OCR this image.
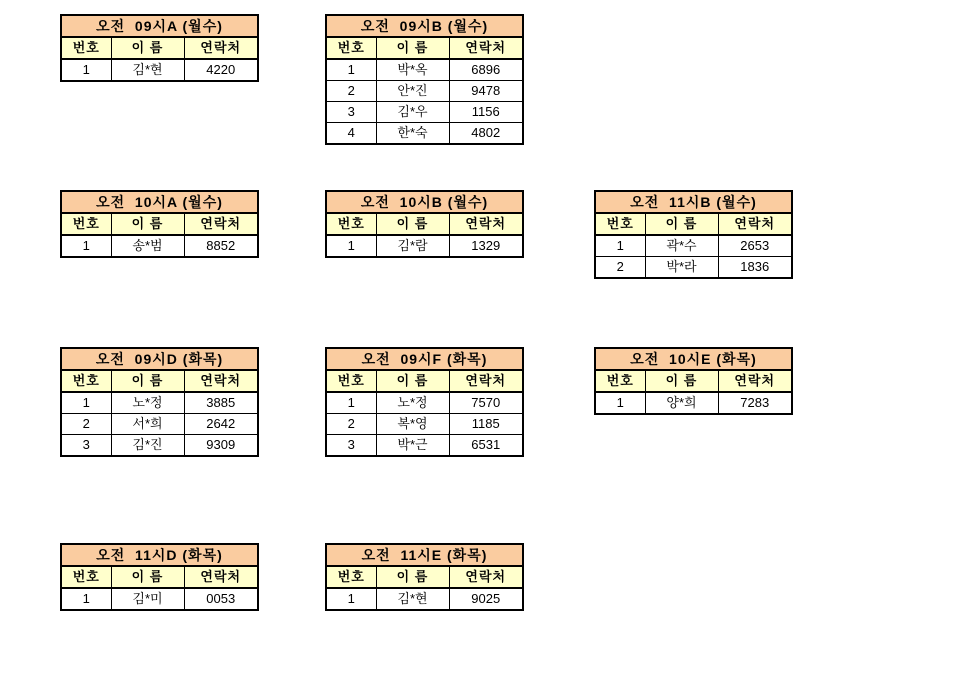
오전  09시A (월수)		
번호	이 름	연락처
1	김*현	4220
오전  09시B (월수)		
번호	이 름	연락처
1	박*옥	6896
2	안*진	9478
3	김*우	1156
4	한*숙	4802
오전  10시A (월수)		
번호	이 름	연락처
1	송*범	8852
오전  10시B (월수)		
번호	이 름	연락처
1	김*람	1329
오전  11시B (월수)		
번호	이 름	연락처
1	곽*수	2653
2	박*라	1836
오전  09시D (화목)		
번호	이 름	연락처
1	노*정	3885
2	서*희	2642
3	김*진	9309
오전  09시F (화목)		
번호	이 름	연락처
1	노*정	7570
2	복*영	1185
3	박*근	6531
오전  10시E (화목)		
번호	이 름	연락처
1	양*희	7283
오전  11시D (화목)		
번호	이 름	연락처
1	김*미	0053
오전  11시E (화목)		
번호	이 름	연락처
1	김*현	9025
